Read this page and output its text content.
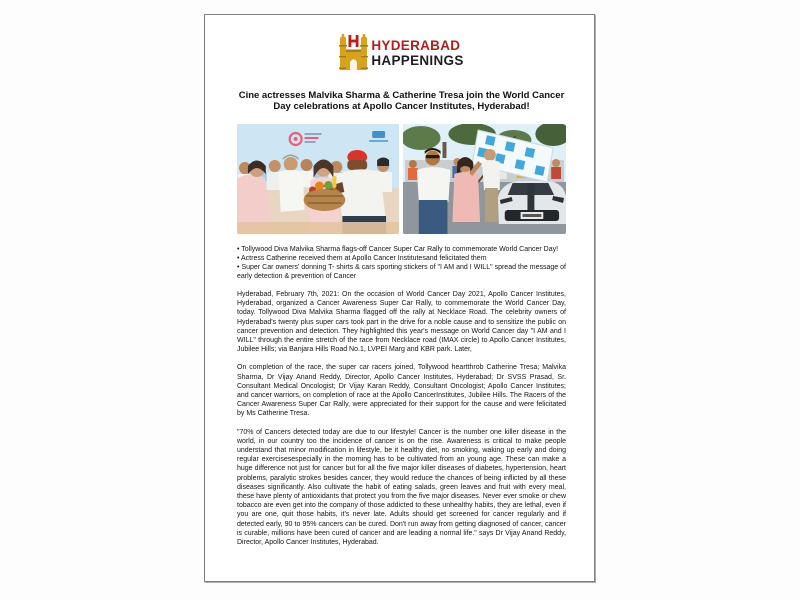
HYDERABAD
HAPPENINGS
Cine actresses Malvika Sharma & Catherine Tresa join the World Cancer Day celebrations at Apollo Cancer Institutes, Hyderabad!
• Tollywood Diva Malvika Sharma flags-off Cancer Super Car Rally to commemorate World Cancer Day!
• Actress Catherine received them at Apollo Cancer Institutesand felicitated them
• Super Car owners' donning T- shirts & cars sporting stickers of "I AM and I WILL" spread the message of early detection & prevention of Cancer
Hyderabad, February 7th, 2021: On the occasion of World Cancer Day 2021, Apollo Cancer Institutes, Hyderabad, organized a Cancer Awareness Super Car Rally, to commemorate the World Cancer Day, today. Tollywood Diva Malvika Sharma flagged off the rally at Necklace Road. The celebrity owners of Hyderabad's twenty plus super cars took part in the drive for a noble cause and to sensitize the public on cancer prevention and detection. They highlighted this year's message on World Cancer day "I AM and I WILL" through the entire stretch of the race from Necklace road (IMAX circle) to Apollo Cancer Institutes, Jubilee Hills; via Banjara Hills Road No.1, LVPEI Marg and KBR park. Later,
On completion of the race, the super car racers joined, Tollywood heartthrob Catherine Tresa; Malvika Sharma, Dr Vijay Anand Reddy, Director, Apollo Cancer Institutes, Hyderabad; Dr SVSS Prasad, Sr. Consultant Medical Oncologist; Dr Vijay Karan Reddy, Consultant Oncologist; Apollo Cancer Institutes; and cancer warriors, on completion of race at the Apollo CancerInstitutes, Jubilee Hills. The Racers of the Cancer Awareness Super Car Rally, were appreciated for their support for the cause and were felicitated by Ms Catherine Tresa.
"70% of Cancers detected today are due to our lifestyle! Cancer is the number one killer disease in the world, in our country too the incidence of cancer is on the rise. Awareness is critical to make people understand that minor modification in lifestyle, be it healthy diet, no smoking, waking up early and doing regular exercisesespecially in the morning has to be cultivated from an young age. These can make a huge difference not just for cancer but for all the five major killer diseases of diabetes, hypertension, heart problems, paralytic strokes besides cancer, they would reduce the chances of being inflicted by all these diseases significantly. Also cultivate the habit of eating salads, green leaves and fruit with every meal, these have plenty of antioxidants that protect you from the five major diseases. Never ever smoke or chew tobacco are even get into the company of those addicted to these unhealthy habits, they are lethal, even if you are one, quit those habits, it's never late. Adults should get screened for cancer regularly and if detected early, 90 to 95% cancers can be cured. Don't run away from getting diagnosed of cancer, cancer is curable, millions have been cured of cancer and are leading a normal life." says Dr Vijay Anand Reddy, Director, Apollo Cancer Institutes, Hyderabad.
